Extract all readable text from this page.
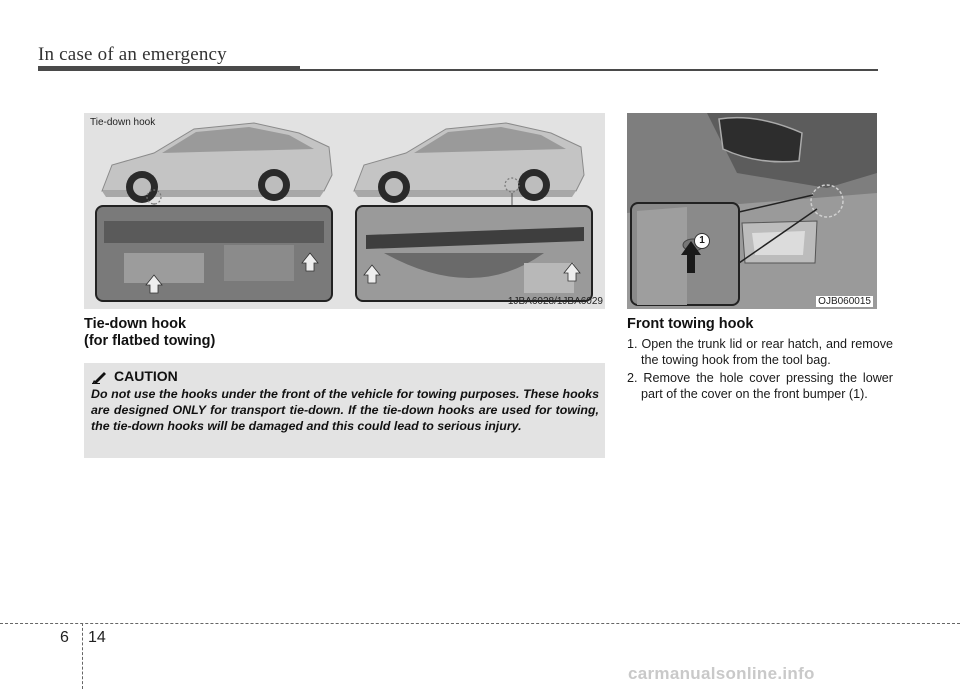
In case of an emergency
Tie-down hook
1JBA6028/1JBA6029
1
OJB060015
Tie-down hook
(for flatbed towing)
CAUTION
Do not use the hooks under the front of the vehicle for towing purposes. These hooks are designed ONLY for transport tie-down. If the tie-down hooks are used for towing, the tie-down hooks will be damaged and this could lead to serious injury.
Front towing hook
1. Open the trunk lid or rear hatch, and remove the towing hook from the tool bag.
2. Remove the hole cover pressing the lower part of the cover on the front bumper (1).
6 14
carmanualsonline.info
